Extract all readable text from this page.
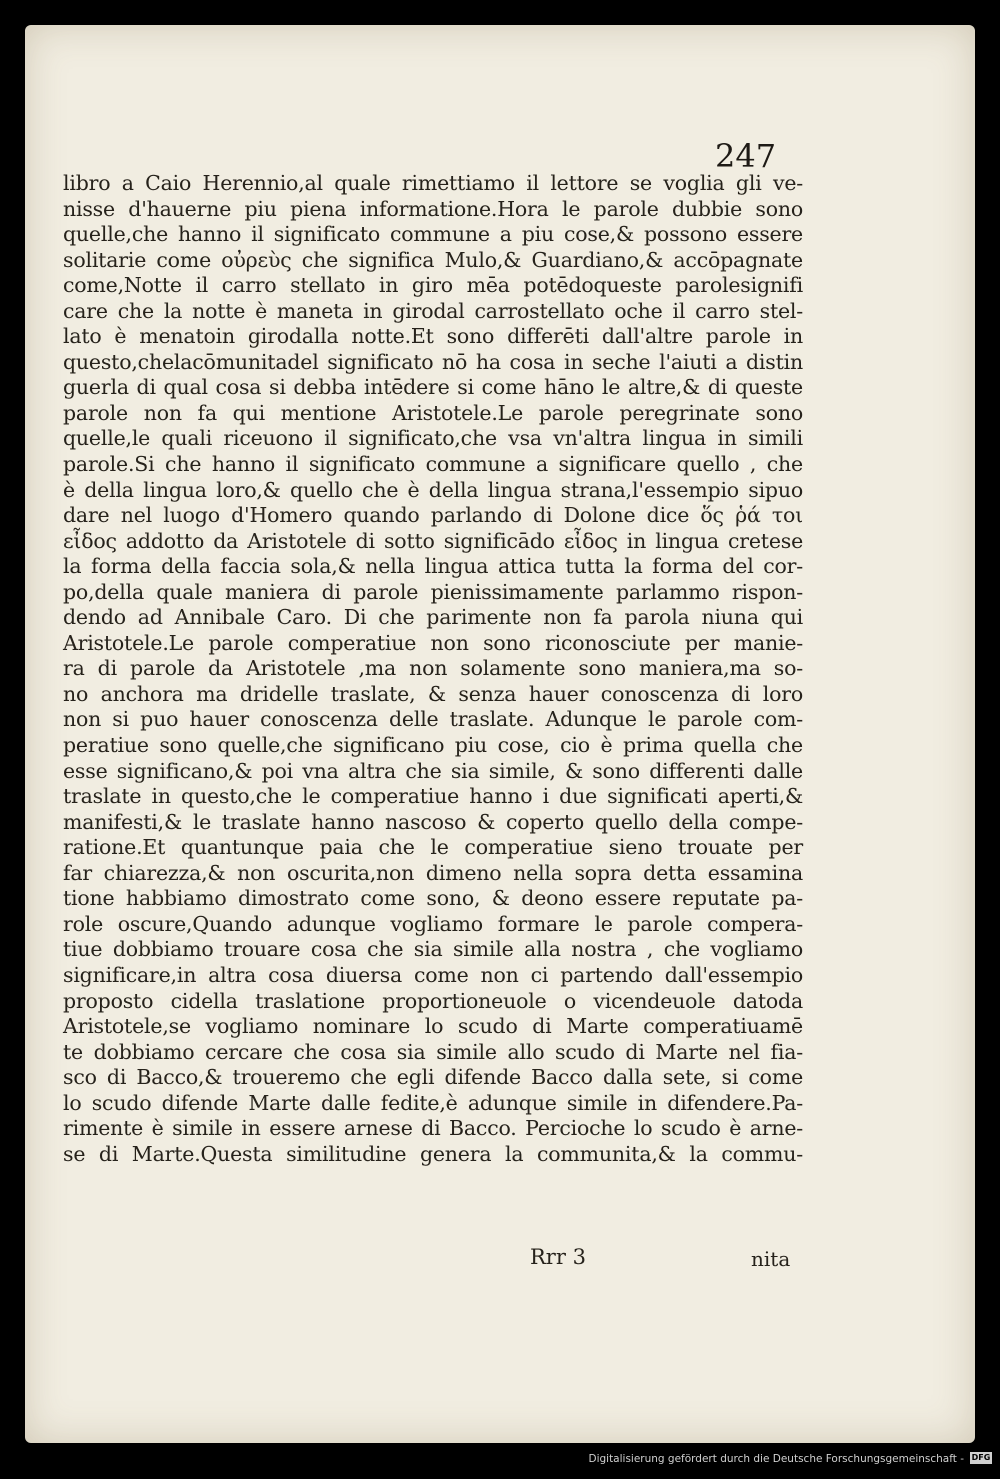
247
libro a Caio Herennio,al quale rimettiamo il lettore se voglia gli ve-
nisse d'hauerne piu piena informatione.Hora le parole dubbie sono
quelle,che hanno il significato commune a piu cose,& possono essere
solitarie come οὐρεὺς che significa Mulo,& Guardiano,& accōpagnate
come,Notte il carro stellato in giro mēa potēdoqueste parolesignifi
care che la notte è maneta in girodal carrostellato oche il carro stel-
lato è menatoin girodalla notte.Et sono differēti dall'altre parole in
questo,chelacōmunitadel significato nō ha cosa in seche l'aiuti a distin
guerla di qual cosa si debba intēdere si come hāno le altre,& di queste
parole non fa qui mentione Aristotele.Le parole peregrinate sono
quelle,le quali riceuono il significato,che vsa vn'altra lingua in simili
parole.Si che hanno il significato commune a significare quello , che
è della lingua loro,& quello che è della lingua strana,l'essempio sipuo
dare nel luogo d'Homero quando parlando di Dolone dice ὅς ῥά τοι
εἶδος addotto da Aristotele di sotto significādo εἶδος in lingua cretese
la forma della faccia sola,& nella lingua attica tutta la forma del cor-
po,della quale maniera di parole pienissimamente parlammo rispon-
dendo ad Annibale Caro. Di che parimente non fa parola niuna qui
Aristotele.Le parole comperatiue non sono riconosciute per manie-
ra di parole da Aristotele ,ma non solamente sono maniera,ma so-
no anchora ma dridelle traslate, & senza hauer conoscenza di loro
non si puo hauer conoscenza delle traslate. Adunque le parole com-
peratiue sono quelle,che significano piu cose, cio è prima quella che
esse significano,& poi vna altra che sia simile, & sono differenti dalle
traslate in questo,che le comperatiue hanno i due significati aperti,&
manifesti,& le traslate hanno nascoso & coperto quello della compe-
ratione.Et quantunque paia che le comperatiue sieno trouate per
far chiarezza,& non oscurita,non dimeno nella sopra detta essamina
tione habbiamo dimostrato come sono, & deono essere reputate pa-
role oscure,Quando adunque vogliamo formare le parole compera-
tiue dobbiamo trouare cosa che sia simile alla nostra , che vogliamo
significare,in altra cosa diuersa come non ci partendo dall'essempio
proposto cidella traslatione proportioneuole o vicendeuole datoda
Aristotele,se vogliamo nominare lo scudo di Marte comperatiuamē
te dobbiamo cercare che cosa sia simile allo scudo di Marte nel fia-
sco di Bacco,& troueremo che egli difende Bacco dalla sete, si come
lo scudo difende Marte dalle fedite,è adunque simile in difendere.Pa-
rimente è simile in essere arnese di Bacco. Percioche lo scudo è arne-
se di Marte.Questa similitudine genera la communita,& la commu-
Rrr 3	nita
Digitalisierung gefördert durch die Deutsche Forschungsgemeinschaft - DFG
